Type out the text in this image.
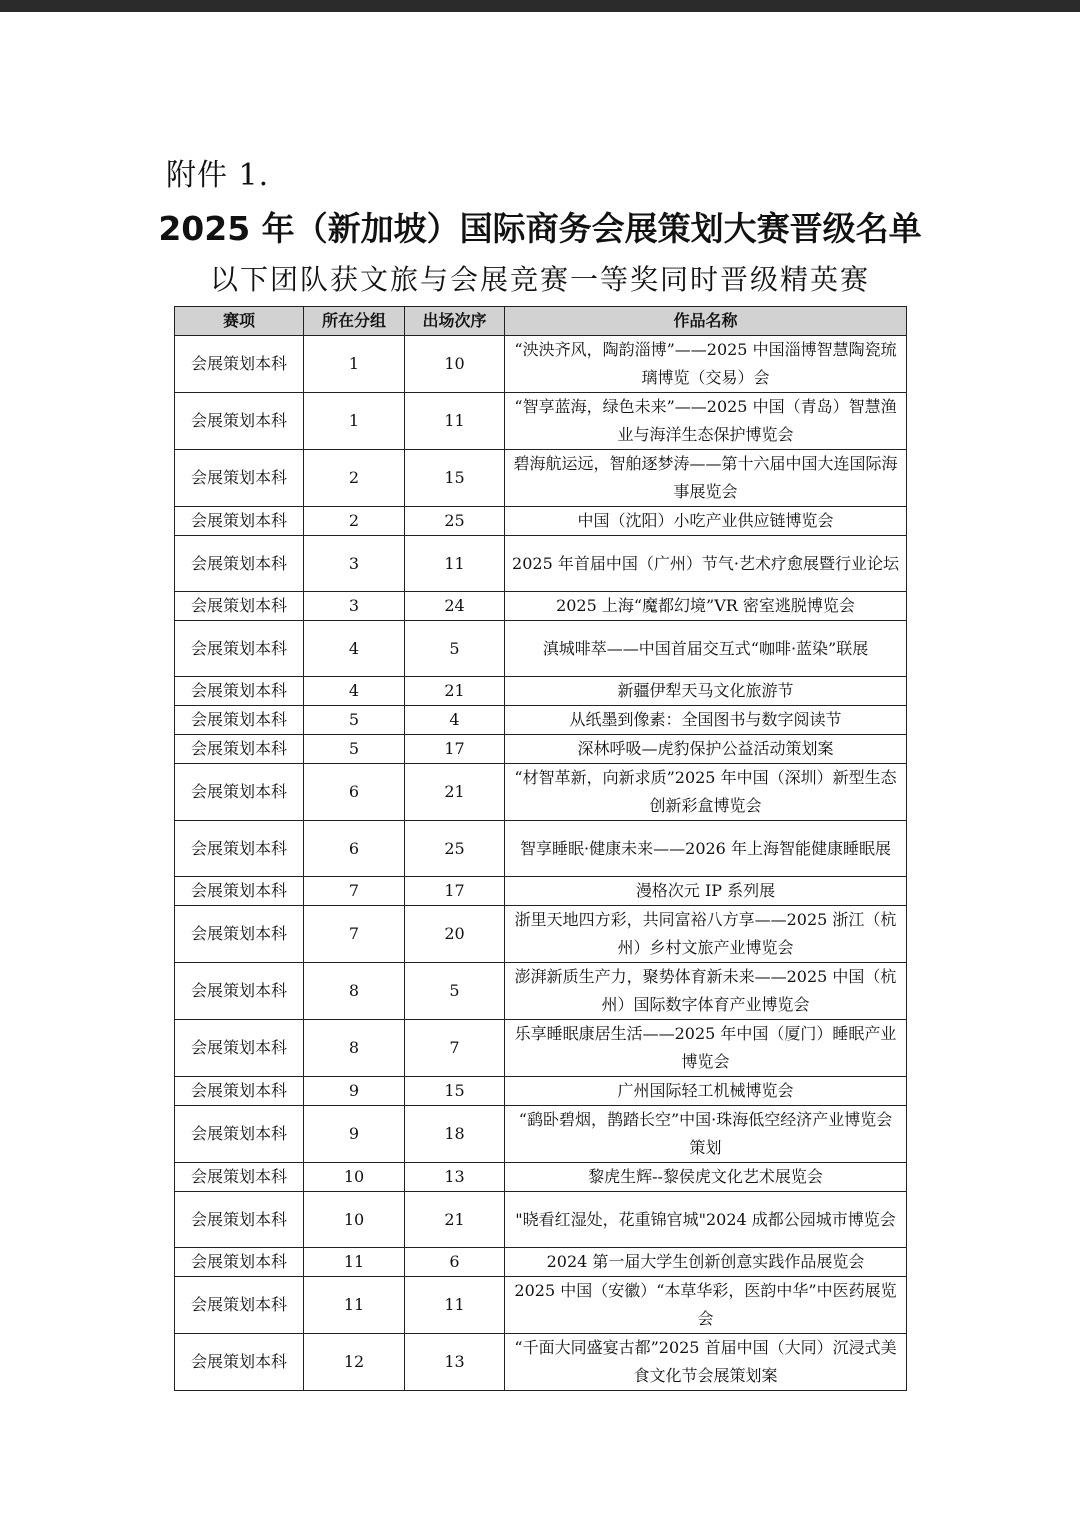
附件 1.
2025 年（新加坡）国际商务会展策划大赛晋级名单
以下团队获文旅与会展竞赛一等奖同时晋级精英赛
赛项	所在分组	出场次序	作品名称
会展策划本科	1	10	“泱泱齐风，陶韵淄博”——2025 中国淄博智慧陶瓷琉璃博览（交易）会
会展策划本科	1	11	“智享蓝海，绿色未来”——2025 中国（青岛）智慧渔业与海洋生态保护博览会
会展策划本科	2	15	碧海航运远，智舶逐梦涛——第十六届中国大连国际海事展览会
会展策划本科	2	25	中国（沈阳）小吃产业供应链博览会
会展策划本科	3	11	2025 年首届中国（广州）节气·艺术疗愈展暨行业论坛
会展策划本科	3	24	2025 上海“魔都幻境”VR 密室逃脱博览会
会展策划本科	4	5	滇城啡萃——中国首届交互式“咖啡·蓝染”联展
会展策划本科	4	21	新疆伊犁天马文化旅游节
会展策划本科	5	4	从纸墨到像素：全国图书与数字阅读节
会展策划本科	5	17	深林呼吸—虎豹保护公益活动策划案
会展策划本科	6	21	“材智革新，向新求质”2025 年中国（深圳）新型生态创新彩盒博览会
会展策划本科	6	25	智享睡眠·健康未来——2026 年上海智能健康睡眠展
会展策划本科	7	17	漫格次元 IP 系列展
会展策划本科	7	20	浙里天地四方彩，共同富裕八方享——2025 浙江（杭州）乡村文旅产业博览会
会展策划本科	8	5	澎湃新质生产力，聚势体育新未来——2025 中国（杭州）国际数字体育产业博览会
会展策划本科	8	7	乐享睡眠康居生活——2025 年中国（厦门）睡眠产业博览会
会展策划本科	9	15	广州国际轻工机械博览会
会展策划本科	9	18	“鹞卧碧烟，鹊踏长空”中国·珠海低空经济产业博览会策划
会展策划本科	10	13	黎虎生辉--黎侯虎文化艺术展览会
会展策划本科	10	21	"晓看红湿处，花重锦官城"2024 成都公园城市博览会
会展策划本科	11	6	2024 第一届大学生创新创意实践作品展览会
会展策划本科	11	11	2025 中国（安徽）“本草华彩，医韵中华”中医药展览会
会展策划本科	12	13	“千面大同盛宴古都”2025 首届中国（大同）沉浸式美食文化节会展策划案
